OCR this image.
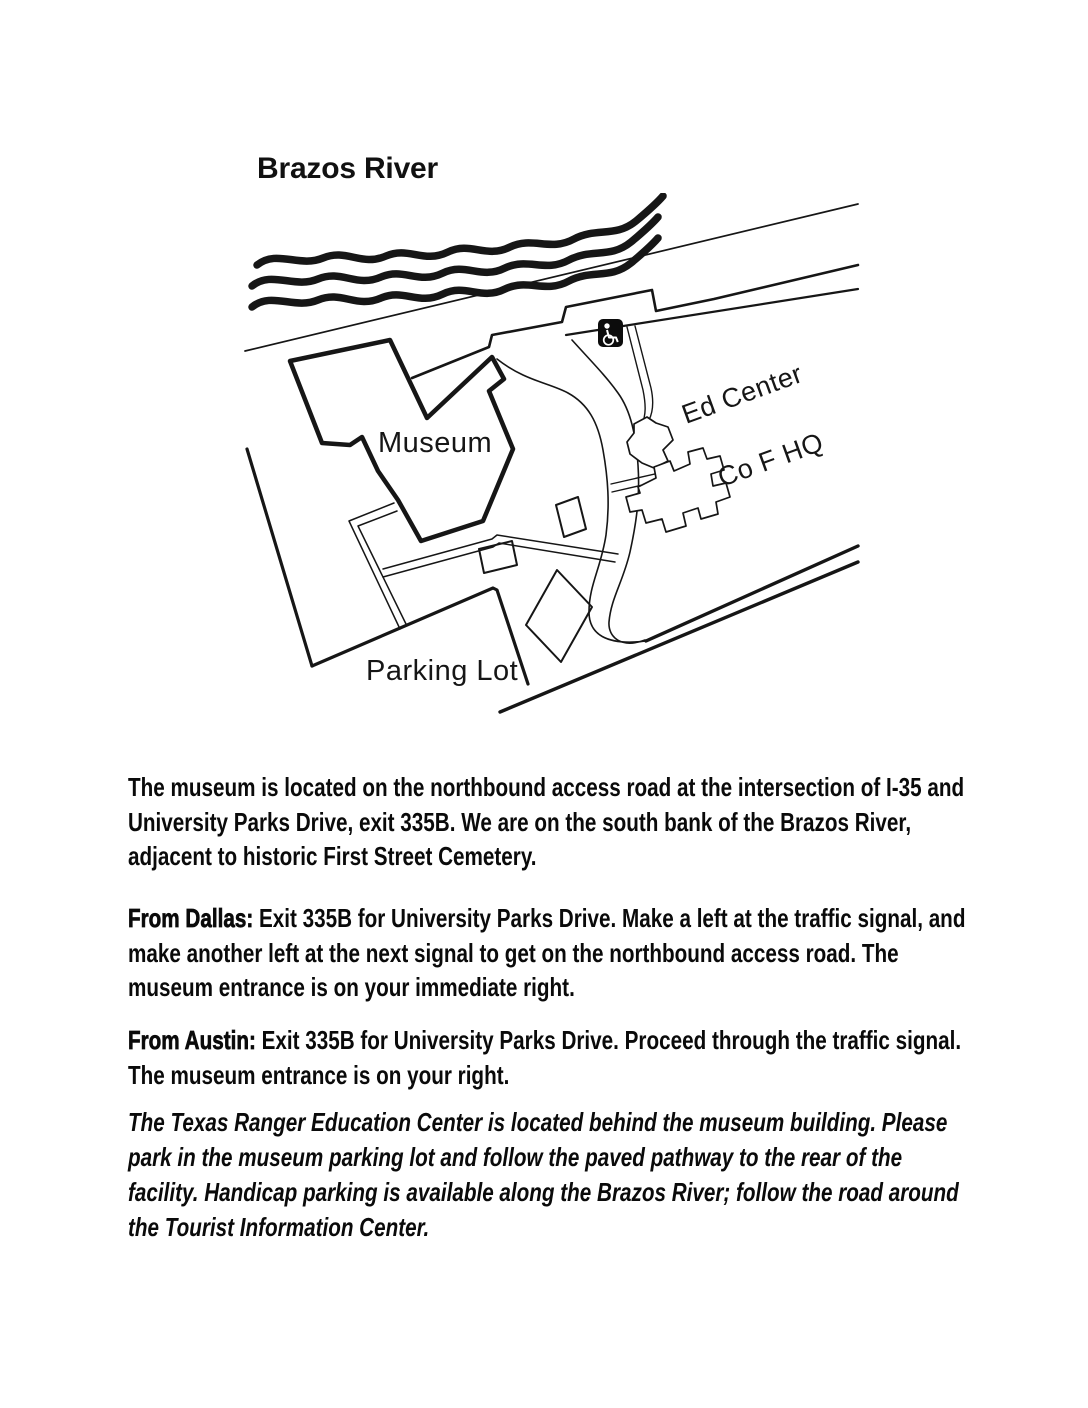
Brazos River
Museum
Parking Lot
Ed Center
Co F HQ

The museum is located on the northbound access road at the intersection of I-35 and University Parks Drive, exit 335B. We are on the south bank of the Brazos River, adjacent to historic First Street Cemetery.

From Dallas: Exit 335B for University Parks Drive. Make a left at the traffic signal, and make another left at the next signal to get on the northbound access road. The museum entrance is on your immediate right.

From Austin: Exit 335B for University Parks Drive. Proceed through the traffic signal. The museum entrance is on your right.

The Texas Ranger Education Center is located behind the museum building. Please park in the museum parking lot and follow the paved pathway to the rear of the facility. Handicap parking is available along the Brazos River; follow the road around the Tourist Information Center.
